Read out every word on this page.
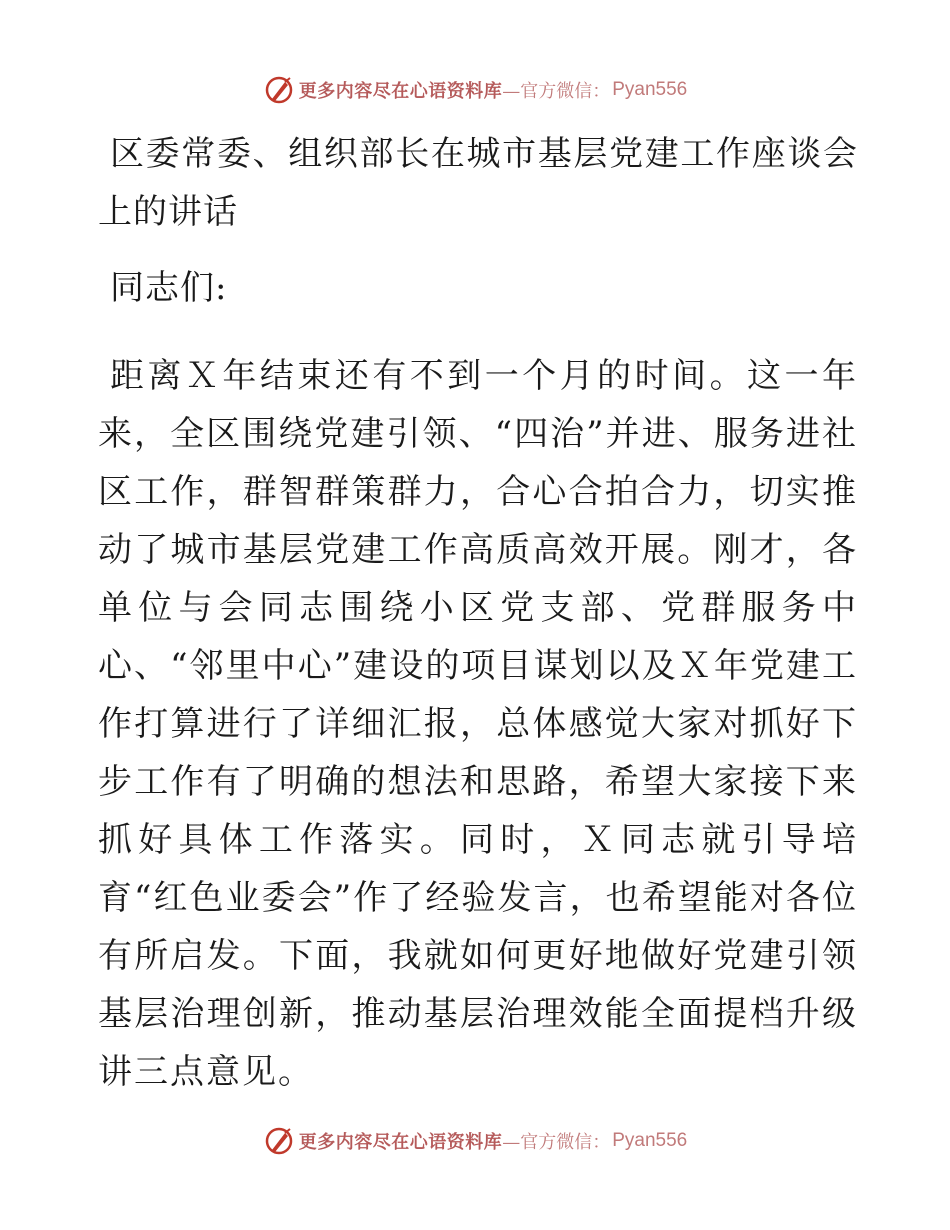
更多内容尽在心语资料库 —官方微信： Pyan556
区委常委、组织部长在城市基层党建工作座谈会上的讲话

同志们:

距离Ｘ年结束还有不到一个月的时间。这一年来，全区围绕党建引领、“四治”并进、服务进社区工作，群智群策群力，合心合拍合力，切实推动了城市基层党建工作高质高效开展。刚才，各单位与会同志围绕小区党支部、党群服务中心、“邻里中心”建设的项目谋划以及Ｘ年党建工作打算进行了详细汇报，总体感觉大家对抓好下步工作有了明确的想法和思路，希望大家接下来抓好具体工作落实。同时，Ｘ同志就引导培育“红色业委会”作了经验发言，也希望能对各位有所启发。下面，我就如何更好地做好党建引领基层治理创新，推动基层治理效能全面提档升级讲三点意见。

更多内容尽在心语资料库 —官方微信： Pyan556
